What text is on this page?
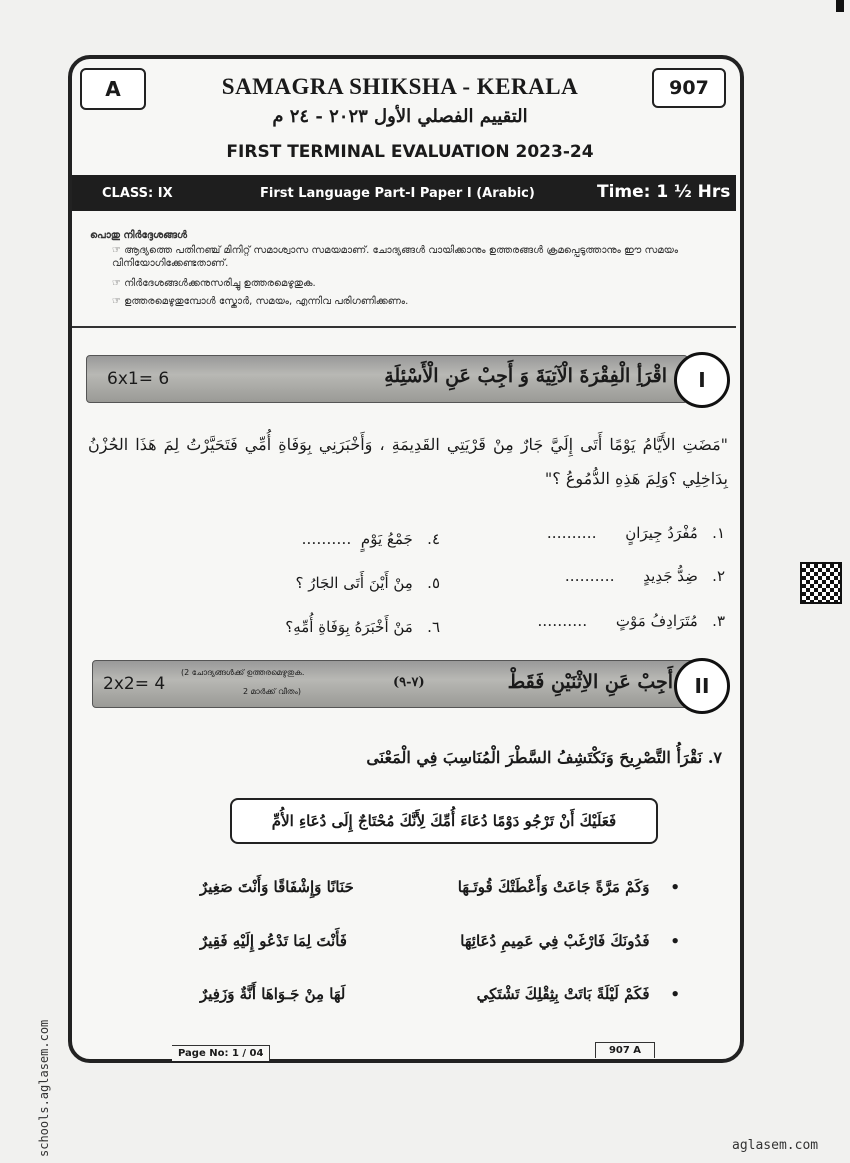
A	907
SAMAGRA SHIKSHA - KERALA
التقييم الفصلي الأول ٢٠٢٣ - ٢٤ م
FIRST TERMINAL EVALUATION 2023-24
CLASS: IX	First Language Part-I Paper I (Arabic)	Time: 1 ½ Hrs
പൊതു നിർദ്ദേശങ്ങൾ
☞ ആദ്യത്തെ പതിനഞ്ച് മിനിറ്റ് സമാശ്വാസ സമയമാണ്. ചോദ്യങ്ങൾ വായിക്കാനും ഉത്തരങ്ങൾ ക്രമപ്പെടുത്താനും ഈ സമയം വിനിയോഗിക്കേണ്ടതാണ്.
☞ നിർദേശങ്ങൾക്കനുസരിച്ചു ഉത്തരമെഴുതുക.
☞ ഉത്തരമെഴുതുമ്പോൾ സ്കോർ, സമയം, എന്നിവ പരിഗണിക്കണം.
6x1= 6	اقْرَأِ الْفِقْرَةَ الْآتِيَةَ وَ أَجِبْ عَنِ الْأَسْئِلَةِ	I
"مَضَتِ الأَيَّامُ يَوْمًا أَتَى إِلَيَّ جَارٌ مِنْ قَرْيَتِي القَدِيمَةِ ، وَأَخْبَرَنِي بِوَفَاةِ أُمِّي فَتَحَيَّرْتُ لِمَ هَذَا الحُزْنُ بِدَاخِلِي ؟وَلِمَ هَذِهِ الدُّمُوعُ ؟"
١.   مُفْرَدُ جِيرَانٍ      ……….
٤.   جَمْعُ يَوْمٍ  ……….
٢.   ضِدُّ جَدِيدٍ      ……….
٥.   مِنْ أَيْنَ أَتَى الجَارُ ؟
٣.   مُتَرَادِفُ مَوْتٍ      ……….
٦.   مَنْ أَخْبَرَهُ بِوَفَاةِ أُمِّهِ؟
2x2= 4
(2 ചോദ്യങ്ങൾക്ക് ഉത്തരമെഴുതുക.
2 മാർക്ക് വീതം)
(٧-٩)	أَجِبْ عَنِ الاِثْنَيْنِ فَقَطْ	II
٧. نَقْرَأُ التَّصْرِيحَ وَنَكْتَشِفُ السَّطْرَ الْمُنَاسِبَ فِي الْمَعْنَى
فَعَلَيْكَ أَنْ تَرْجُو دَوْمًا دُعَاءَ أُمِّكَ لِأَنَّكَ مُحْتَاجٌ إِلَى دُعَاءِ الأُمِّ
•    وَكَمْ مَرَّةً جَاعَتْ وَأَعْطَتْكَ قُوتَـهَا
حَنَانًا وَإِشْفَاقًا وَأَنْتَ صَغِيرٌ
•    فَدُونَكَ فَارْغَبْ فِي عَمِيمِ دُعَائِهَا
فَأَنْتَ لِمَا تَدْعُو إِلَيْهِ فَقِيرٌ
•    فَكَمْ لَيْلَةً بَاتَتْ بِثِقْلِكَ تَشْتَكِي
لَهَا مِنْ جَـوَاهَا أَنَّةٌ وَزَفِيرٌ
Page No: 1 / 04	907 A
schools.aglasem.com	aglasem.com
